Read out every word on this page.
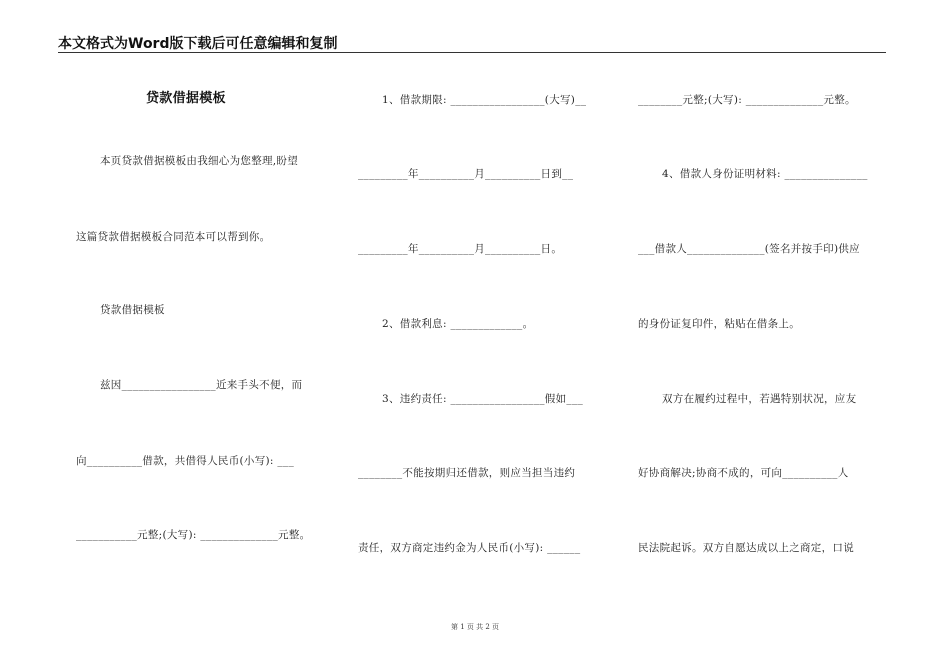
本文格式为Word版下载后可任意编辑和复制
贷款借据模板
本页贷款借据模板由我细心为您整理,盼望
这篇贷款借据模板合同范本可以帮到你。
贷款借据模板
兹因_________________近来手头不便，而
向__________借款，共借得人民币(小写): ___
___________元整;(大写): ______________元整。
1、借款期限: _________________(大写)__
_________年__________月__________日到__
_________年__________月__________日。
2、借款利息: _____________。
3、违约责任: _________________假如___
________不能按期归还借款，则应当担当违约
责任，双方商定违约金为人民币(小写): ______
________元整;(大写): ______________元整。
4、借款人身份证明材料: _______________
___借款人______________(签名并按手印)供应
的身份证复印件，粘贴在借条上。
双方在履约过程中，若遇特别状况，应友
好协商解决;协商不成的，可向__________人
民法院起诉。双方自愿达成以上之商定，口说
第 1 页 共 2 页
